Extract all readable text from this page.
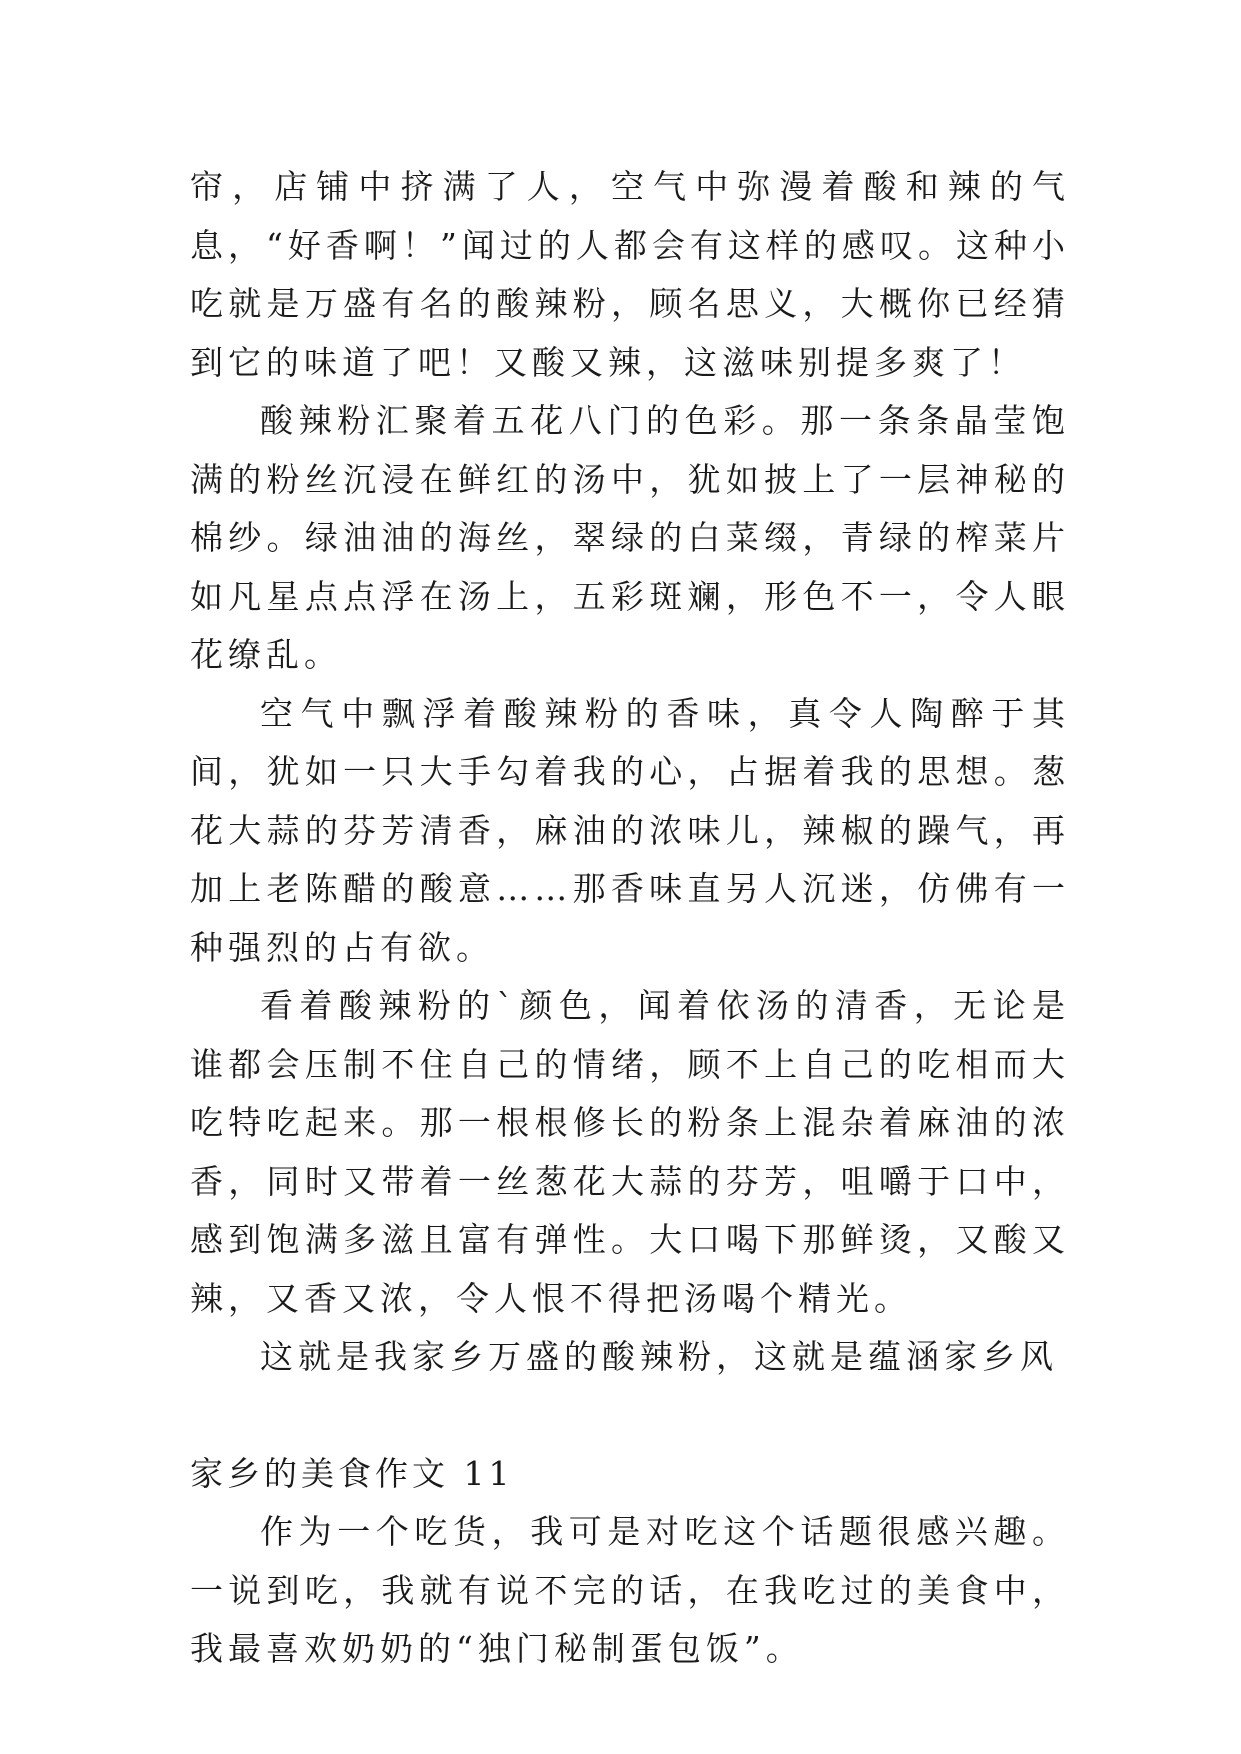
帘，店铺中挤满了人，空气中弥漫着酸和辣的气息，“好香啊！”闻过的人都会有这样的感叹。这种小吃就是万盛有名的酸辣粉，顾名思义，大概你已经猜到它的味道了吧！又酸又辣，这滋味别提多爽了！

酸辣粉汇聚着五花八门的色彩。那一条条晶莹饱满的粉丝沉浸在鲜红的汤中，犹如披上了一层神秘的棉纱。绿油油的海丝，翠绿的白菜缀，青绿的榨菜片如凡星点点浮在汤上，五彩斑斓，形色不一，令人眼花缭乱。

空气中飘浮着酸辣粉的香味，真令人陶醉于其间，犹如一只大手勾着我的心，占据着我的思想。葱花大蒜的芬芳清香，麻油的浓味儿，辣椒的躁气，再加上老陈醋的酸意……那香味直另人沉迷，仿佛有一种强烈的占有欲。

看着酸辣粉的`颜色，闻着依汤的清香，无论是谁都会压制不住自己的情绪，顾不上自己的吃相而大吃特吃起来。那一根根修长的粉条上混杂着麻油的浓香，同时又带着一丝葱花大蒜的芬芳，咀嚼于口中，感到饱满多滋且富有弹性。大口喝下那鲜烫，又酸又辣，又香又浓，令人恨不得把汤喝个精光。

这就是我家乡万盛的酸辣粉，这就是蕴涵家乡风

家乡的美食作文 11

作为一个吃货，我可是对吃这个话题很感兴趣。一说到吃，我就有说不完的话，在我吃过的美食中，我最喜欢奶奶的“独门秘制蛋包饭”。
